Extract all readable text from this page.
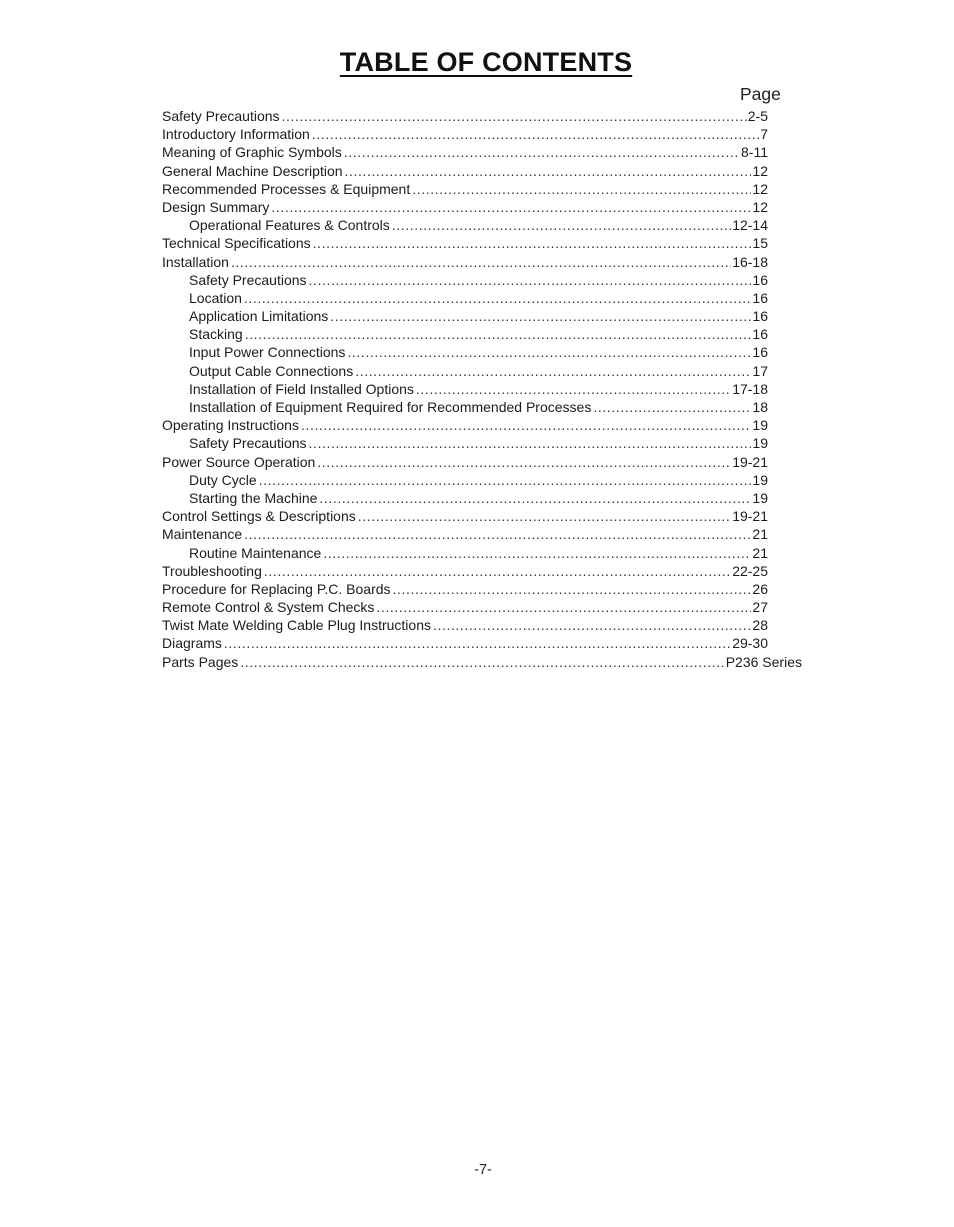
TABLE OF CONTENTS
Page
Safety Precautions .....	2-5
Introductory Information .....	7
Meaning of Graphic Symbols .....	8-11
General Machine Description .....	12
Recommended Processes & Equipment .....	12
Design Summary .....	12
Operational Features & Controls .....	12-14
Technical Specifications .....	15
Installation .....	16-18
Safety Precautions .....	16
Location .....	16
Application Limitations .....	16
Stacking .....	16
Input Power Connections .....	16
Output Cable Connections .....	17
Installation of Field Installed Options .....	17-18
Installation of Equipment Required for Recommended Processes .....	18
Operating Instructions .....	19
Safety Precautions .....	19
Power Source Operation .....	19-21
Duty Cycle .....	19
Starting the Machine .....	19
Control Settings & Descriptions .....	19-21
Maintenance .....	21
Routine Maintenance .....	21
Troubleshooting .....	22-25
Procedure for Replacing P.C. Boards .....	26
Remote Control & System Checks .....	27
Twist Mate Welding Cable Plug Instructions .....	28
Diagrams .....	29-30
Parts Pages .....	P236 Series
-7-
